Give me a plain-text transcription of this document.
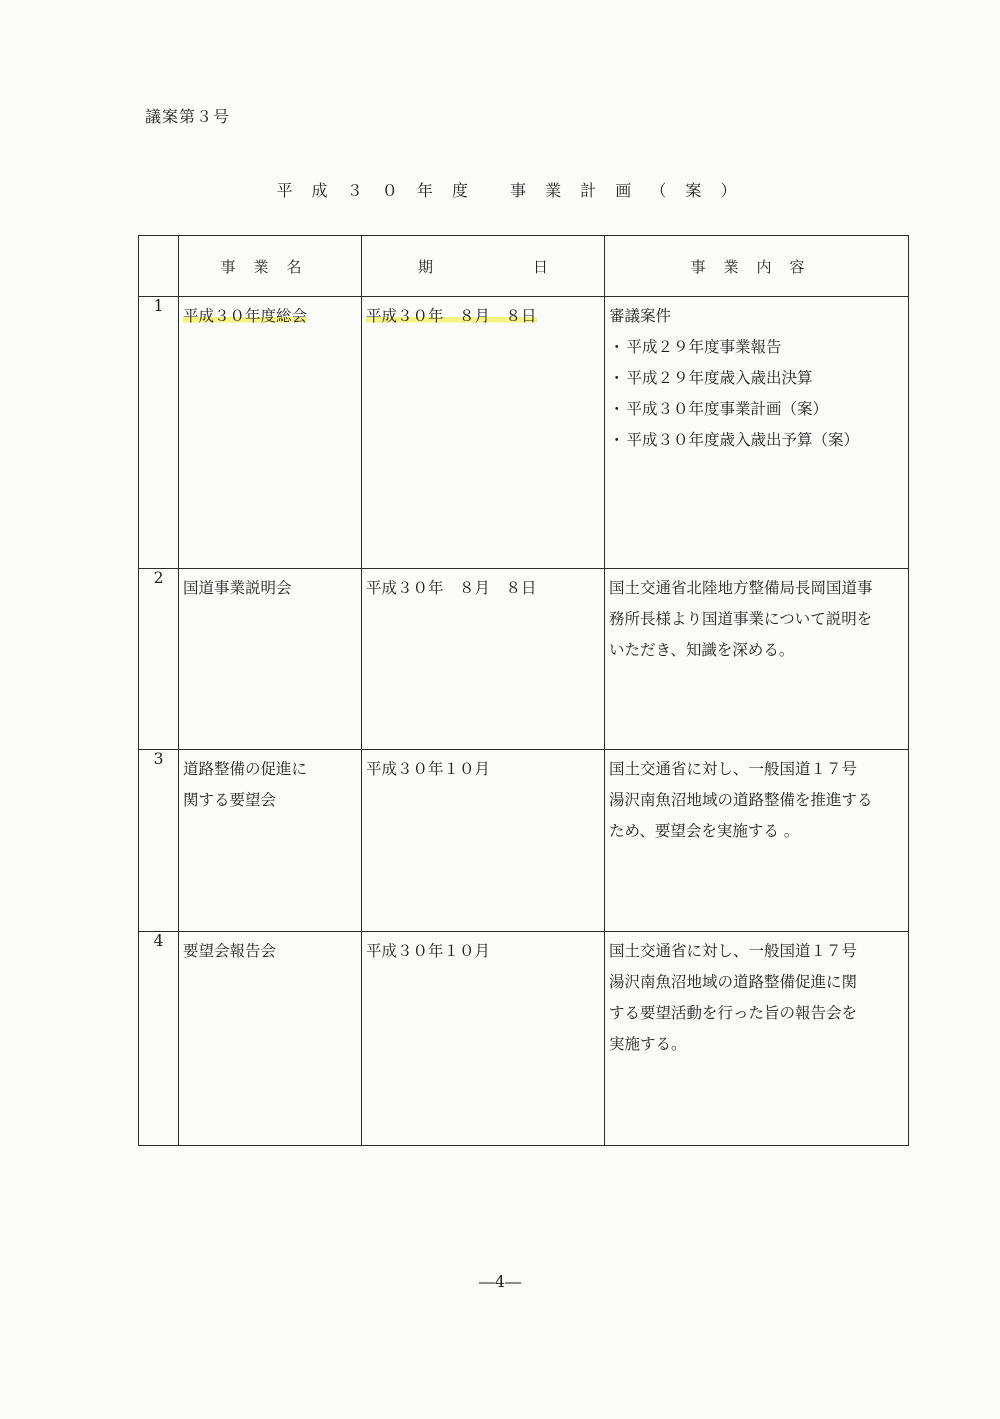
議案第３号
平 成 ３ ０ 年 度　 事 業 計 画 （ 案 ）
	事業名	期 日	事業内容
1	平成３０年度総会	平成３０年　８月　８日	審議案件
・ 平成２９年度事業報告
・ 平成２９年度歳入歳出決算
・ 平成３０年度事業計画（案）
・ 平成３０年度歳入歳出予算（案）

2	国道事業説明会	平成３０年　８月　８日	国土交通省北陸地方整備局長岡国道事
務所長様より国道事業について説明を
いただき、知識を深める。

3	道路整備の促進に
関する要望会	平成３０年１０月	国土交通省に対し、一般国道１７号
湯沢南魚沼地域の道路整備を推進する
ため、要望会を実施する 。

4	要望会報告会	平成３０年１０月	国土交通省に対し、一般国道１７号
湯沢南魚沼地域の道路整備促進に関
する要望活動を行った旨の報告会を
実施する。
―4―
